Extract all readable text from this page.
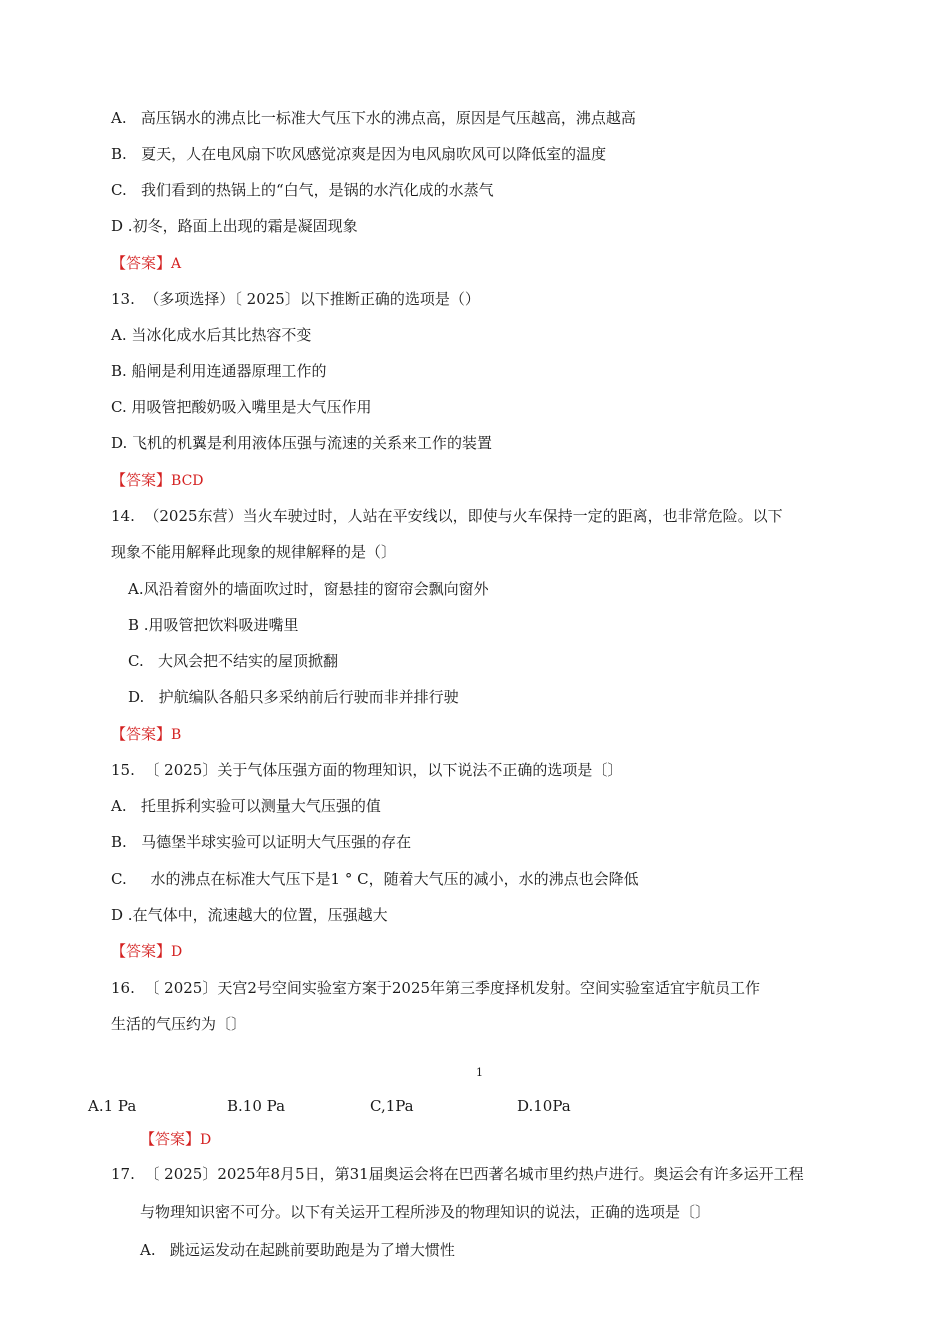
A.   高压锅水的沸点比一标准大气压下水的沸点高，原因是气压越高，沸点越高
B.   夏天，人在电风扇下吹风感觉凉爽是因为电风扇吹风可以降低室的温度
C.   我们看到的热锅上的“白气，是锅的水汽化成的水蒸气
D .初冬，路面上出现的霜是凝固现象
【答案】A
13.  （多项选择）〔 2025〕以下推断正确的选项是（）
A. 当冰化成水后其比热容不变
B. 船闸是利用连通器原理工作的
C. 用吸管把酸奶吸入嘴里是大气压作用
D. 飞机的机翼是利用液体压强与流速的关系来工作的装置
【答案】BCD
14.  （2025东营）当火车驶过时，人站在平安线以，即使与火车保持一定的距离，也非常危险。以下
现象不能用解释此现象的规律解释的是（〕
A.风沿着窗外的墙面吹过时，窗悬挂的窗帘会飘向窗外
B .用吸管把饮料吸进嘴里
C.   大风会把不结实的屋顶掀翻
D.   护航编队各船只多采纳前后行驶而非并排行驶
【答案】B
15.  〔 2025〕关于气体压强方面的物理知识，以下说法不正确的选项是〔〕
A.   托里拆利实验可以测量大气压强的值
B.   马德堡半球实验可以证明大气压强的存在
C.     水的沸点在标准大气压下是1 ° C，随着大气压的减小，水的沸点也会降低
D .在气体中，流速越大的位置，压强越大
【答案】D
16.  〔 2025〕天宫2号空间实验室方案于2025年第三季度择机发射。空间实验室适宜宇航员工作
生活的气压约为〔〕
1
A.1 Pa	B.10 Pa	C,1Pa	D.10Pa
【答案】D
17.  〔 2025〕2025年8月5日，第31届奥运会将在巴西著名城市里约热卢进行。奥运会有许多运开工程
与物理知识密不可分。以下有关运开工程所涉及的物理知识的说法，正确的选项是〔〕
A.   跳远运发动在起跳前要助跑是为了增大惯性
